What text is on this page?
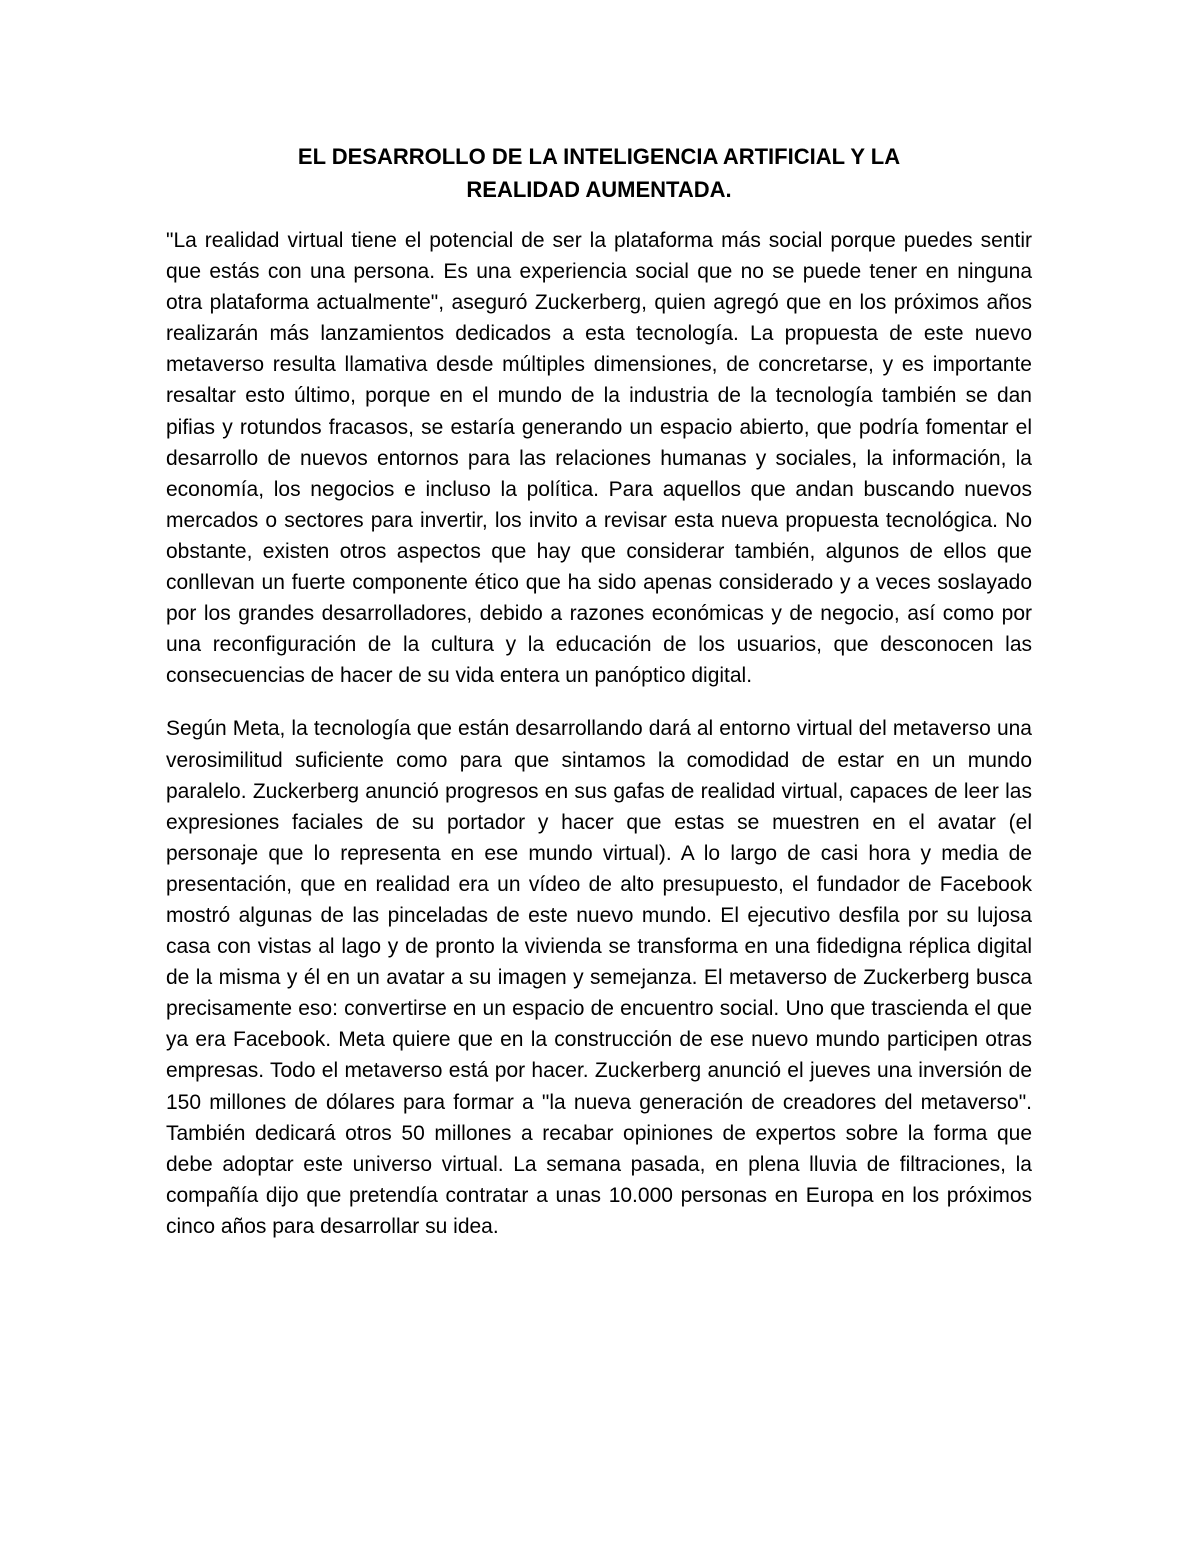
EL DESARROLLO DE LA INTELIGENCIA ARTIFICIAL Y LA
REALIDAD AUMENTADA.

"La realidad virtual tiene el potencial de ser la plataforma más social porque puedes sentir que estás con una persona. Es una experiencia social que no se puede tener en ninguna otra plataforma actualmente", aseguró Zuckerberg, quien agregó que en los próximos años realizarán más lanzamientos dedicados a esta tecnología. La propuesta de este nuevo metaverso resulta llamativa desde múltiples dimensiones, de concretarse, y es importante resaltar esto último, porque en el mundo de la industria de la tecnología también se dan pifias y rotundos fracasos, se estaría generando un espacio abierto, que podría fomentar el desarrollo de nuevos entornos para las relaciones humanas y sociales, la información, la economía, los negocios e incluso la política. Para aquellos que andan buscando nuevos mercados o sectores para invertir, los invito a revisar esta nueva propuesta tecnológica. No obstante, existen otros aspectos que hay que considerar también, algunos de ellos que conllevan un fuerte componente ético que ha sido apenas considerado y a veces soslayado por los grandes desarrolladores, debido a razones económicas y de negocio, así como por una reconfiguración de la cultura y la educación de los usuarios, que desconocen las consecuencias de hacer de su vida entera un panóptico digital.

Según Meta, la tecnología que están desarrollando dará al entorno virtual del metaverso una verosimilitud suficiente como para que sintamos la comodidad de estar en un mundo paralelo. Zuckerberg anunció progresos en sus gafas de realidad virtual, capaces de leer las expresiones faciales de su portador y hacer que estas se muestren en el avatar (el personaje que lo representa en ese mundo virtual). A lo largo de casi hora y media de presentación, que en realidad era un vídeo de alto presupuesto, el fundador de Facebook mostró algunas de las pinceladas de este nuevo mundo. El ejecutivo desfila por su lujosa casa con vistas al lago y de pronto la vivienda se transforma en una fidedigna réplica digital de la misma y él en un avatar a su imagen y semejanza. El metaverso de Zuckerberg busca precisamente eso: convertirse en un espacio de encuentro social. Uno que trascienda el que ya era Facebook. Meta quiere que en la construcción de ese nuevo mundo participen otras empresas. Todo el metaverso está por hacer. Zuckerberg anunció el jueves una inversión de 150 millones de dólares para formar a "la nueva generación de creadores del metaverso". También dedicará otros 50 millones a recabar opiniones de expertos sobre la forma que debe adoptar este universo virtual. La semana pasada, en plena lluvia de filtraciones, la compañía dijo que pretendía contratar a unas 10.000 personas en Europa en los próximos cinco años para desarrollar su idea.
